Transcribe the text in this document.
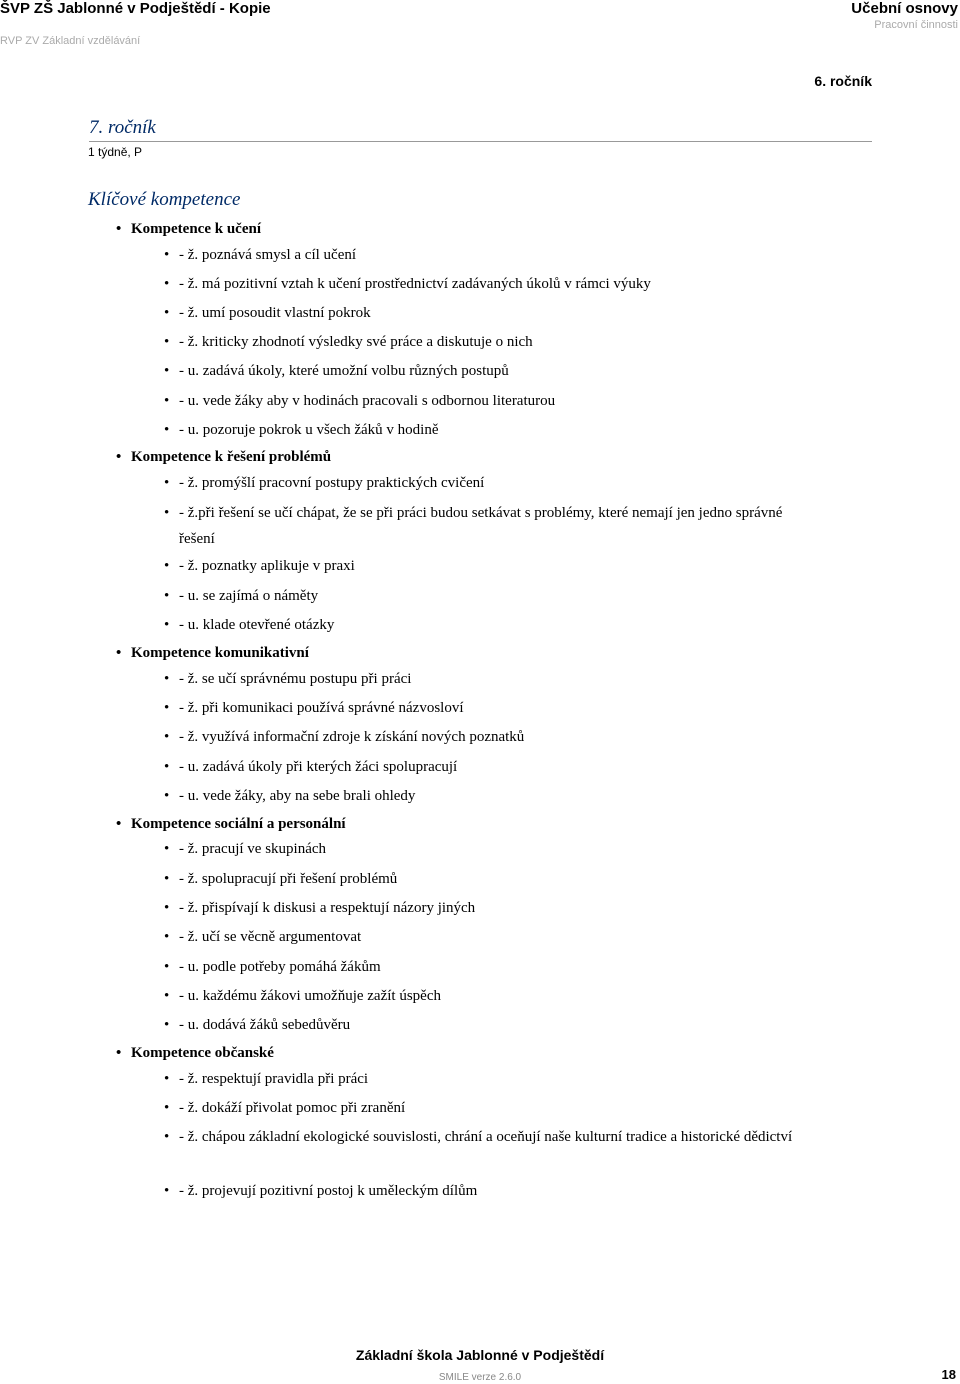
ŠVP ZŠ Jablonné v Podještědí - Kopie
RVP ZV Základní vzdělávání
Učební osnovy
Pracovní činnosti
6. ročník
7. ročník
1 týdně, P
Klíčové kompetence
• Kompetence k učení
• - ž. poznává smysl a cíl učení
• - ž. má pozitivní vztah k učení prostřednictví zadávaných úkolů v rámci výuky
• - ž. umí posoudit vlastní pokrok
• - ž. kriticky zhodnotí výsledky své práce a diskutuje o nich
• - u. zadává úkoly, které umožní volbu různých postupů
• - u. vede žáky aby v hodinách pracovali s odbornou literaturou
• - u. pozoruje pokrok u všech žáků v hodině
• Kompetence k řešení problémů
• - ž. promýšlí pracovní postupy praktických cvičení
• - ž.při řešení se učí chápat, že se při práci budou setkávat s problémy, které nemají jen jedno správné řešení
• - ž. poznatky aplikuje v praxi
• - u. se zajímá o náměty
• - u. klade otevřené otázky
• Kompetence komunikativní
• - ž. se učí správnému postupu při práci
• - ž. při komunikaci používá správné názvosloví
• - ž. využívá informační zdroje k získání nových poznatků
• - u. zadává úkoly při kterých žáci spolupracují
• - u. vede žáky, aby na sebe brali ohledy
• Kompetence sociální a personální
• - ž. pracují ve skupinách
• - ž. spolupracují při řešení problémů
• - ž. přispívají k diskusi a respektují názory jiných
• - ž. učí se věcně argumentovat
• - u. podle potřeby pomáhá žákům
• - u. každému žákovi umožňuje zažít úspěch
• - u. dodává žáků sebedůvěru
• Kompetence občanské
• - ž. respektují pravidla při práci
• - ž. dokáží přivolat pomoc při zranění
• - ž. chápou základní ekologické souvislosti, chrání a oceňují naše kulturní tradice a historické dědictví
• - ž. projevují pozitivní postoj k uměleckým dílům
Základní škola Jablonné v Podještědí
SMILE verze 2.6.0	18
